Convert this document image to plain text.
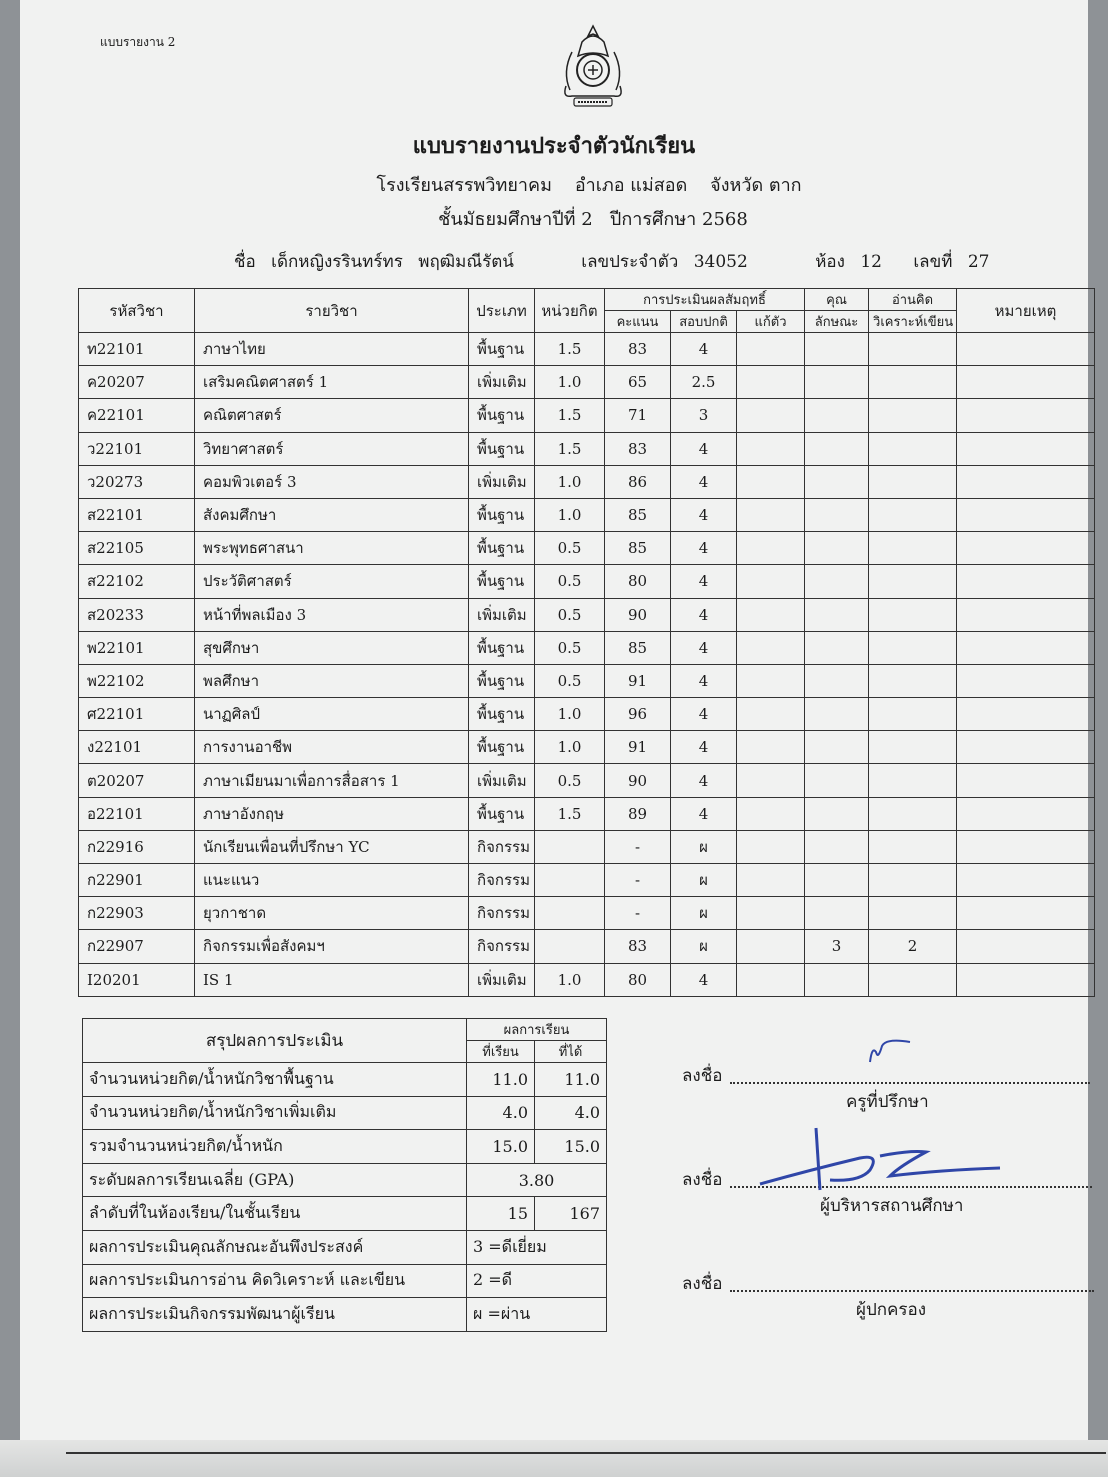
แบบรายงาน 2
แบบรายงานประจำตัวนักเรียน
โรงเรียนสรรพวิทยาคม อำเภอ แม่สอด จังหวัด ตาก
ชั้นมัธยมศึกษาปีที่ 2 ปีการศึกษา 2568
ชื่อ เด็กหญิงรรินทร์ทร พฤฒิมณีรัตน์	เลขประจำตัว 34052	ห้อง 12 เลขที่ 27
รหัสวิชา	รายวิชา	ประเภท	หน่วยกิต	การประเมินผลสัมฤทธิ์			คุณ	อ่านคิด	หมายเหตุ
				คะแนน	สอบปกติ	แก้ตัว	ลักษณะ	วิเคราะห์เขียน	
ท22101	ภาษาไทย	พื้นฐาน	1.5	83	4				
ค20207	เสริมคณิตศาสตร์ 1	เพิ่มเติม	1.0	65	2.5				
ค22101	คณิตศาสตร์	พื้นฐาน	1.5	71	3				
ว22101	วิทยาศาสตร์	พื้นฐาน	1.5	83	4				
ว20273	คอมพิวเตอร์ 3	เพิ่มเติม	1.0	86	4				
ส22101	สังคมศึกษา	พื้นฐาน	1.0	85	4				
ส22105	พระพุทธศาสนา	พื้นฐาน	0.5	85	4				
ส22102	ประวัติศาสตร์	พื้นฐาน	0.5	80	4				
ส20233	หน้าที่พลเมือง 3	เพิ่มเติม	0.5	90	4				
พ22101	สุขศึกษา	พื้นฐาน	0.5	85	4				
พ22102	พลศึกษา	พื้นฐาน	0.5	91	4				
ศ22101	นาฏศิลป์	พื้นฐาน	1.0	96	4				
ง22101	การงานอาชีพ	พื้นฐาน	1.0	91	4				
ต20207	ภาษาเมียนมาเพื่อการสื่อสาร 1	เพิ่มเติม	0.5	90	4				
อ22101	ภาษาอังกฤษ	พื้นฐาน	1.5	89	4				
ก22916	นักเรียนเพื่อนที่ปรึกษา YC	กิจกรรม		-	ผ				
ก22901	แนะแนว	กิจกรรม		-	ผ				
ก22903	ยุวกาชาด	กิจกรรม		-	ผ				
ก22907	กิจกรรมเพื่อสังคมฯ	กิจกรรม		83	ผ		3	2	
I20201	IS 1	เพิ่มเติม	1.0	80	4				
สรุปผลการประเมิน	ผลการเรียน	
	ที่เรียน	ที่ได้
จำนวนหน่วยกิต/น้ำหนักวิชาพื้นฐาน	11.0	11.0
จำนวนหน่วยกิต/น้ำหนักวิชาเพิ่มเติม	4.0	4.0
รวมจำนวนหน่วยกิต/น้ำหนัก	15.0	15.0
ระดับผลการเรียนเฉลี่ย (GPA)	3.80	
ลำดับที่ในห้องเรียน/ในชั้นเรียน	15	167
ผลการประเมินคุณลักษณะอันพึงประสงค์	3 =ดีเยี่ยม	
ผลการประเมินการอ่าน คิดวิเคราะห์ และเขียน	2 =ดี	
ผลการประเมินกิจกรรมพัฒนาผู้เรียน	ผ =ผ่าน	
ลงชื่อ
ครูที่ปรึกษา
ลงชื่อ
ผู้บริหารสถานศึกษา
ลงชื่อ
ผู้ปกครอง
